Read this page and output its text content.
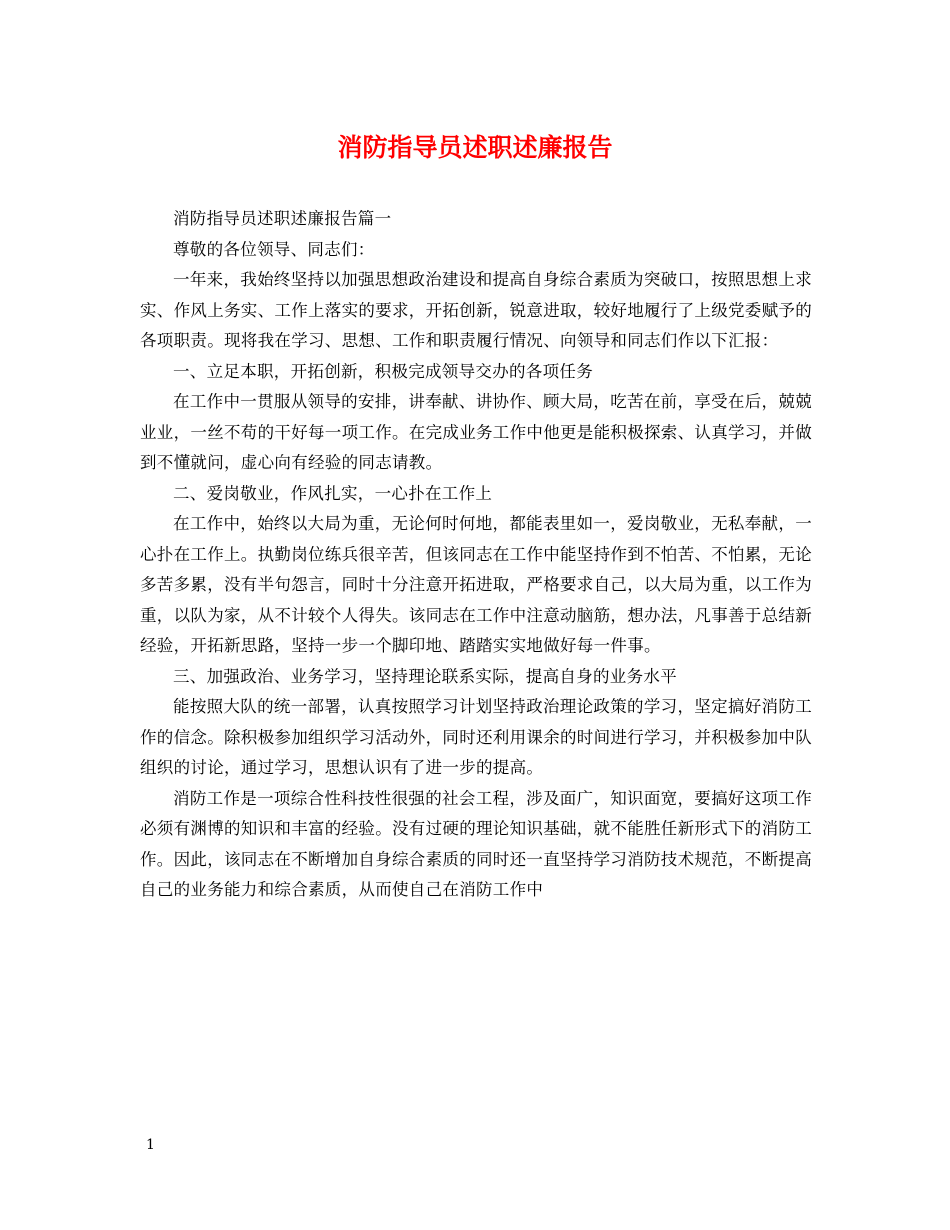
消防指导员述职述廉报告

消防指导员述职述廉报告篇一

尊敬的各位领导、同志们：

一年来，我始终坚持以加强思想政治建设和提高自身综合素质为突破口，按照思想上求实、作风上务实、工作上落实的要求，开拓创新，锐意进取，较好地履行了上级党委赋予的各项职责。现将我在学习、思想、工作和职责履行情况、向领导和同志们作以下汇报：

一、立足本职，开拓创新，积极完成领导交办的各项任务

在工作中一贯服从领导的安排，讲奉献、讲协作、顾大局，吃苦在前，享受在后，兢兢业业，一丝不苟的干好每一项工作。在完成业务工作中他更是能积极探索、认真学习，并做到不懂就问，虚心向有经验的同志请教。

二、爱岗敬业，作风扎实，一心扑在工作上

在工作中，始终以大局为重，无论何时何地，都能表里如一，爱岗敬业，无私奉献，一心扑在工作上。执勤岗位练兵很辛苦，但该同志在工作中能坚持作到不怕苦、不怕累，无论多苦多累，没有半句怨言，同时十分注意开拓进取，严格要求自己，以大局为重，以工作为重，以队为家，从不计较个人得失。该同志在工作中注意动脑筋，想办法，凡事善于总结新经验，开拓新思路，坚持一步一个脚印地、踏踏实实地做好每一件事。

三、加强政治、业务学习，坚持理论联系实际，提高自身的业务水平

能按照大队的统一部署，认真按照学习计划坚持政治理论政策的学习，坚定搞好消防工作的信念。除积极参加组织学习活动外，同时还利用课余的时间进行学习，并积极参加中队组织的讨论，通过学习，思想认识有了进一步的提高。

消防工作是一项综合性科技性很强的社会工程，涉及面广，知识面宽，要搞好这项工作必须有渊博的知识和丰富的经验。没有过硬的理论知识基础，就不能胜任新形式下的消防工作。因此，该同志在不断增加自身综合素质的同时还一直坚持学习消防技术规范，不断提高自己的业务能力和综合素质，从而使自己在消防工作中

1
